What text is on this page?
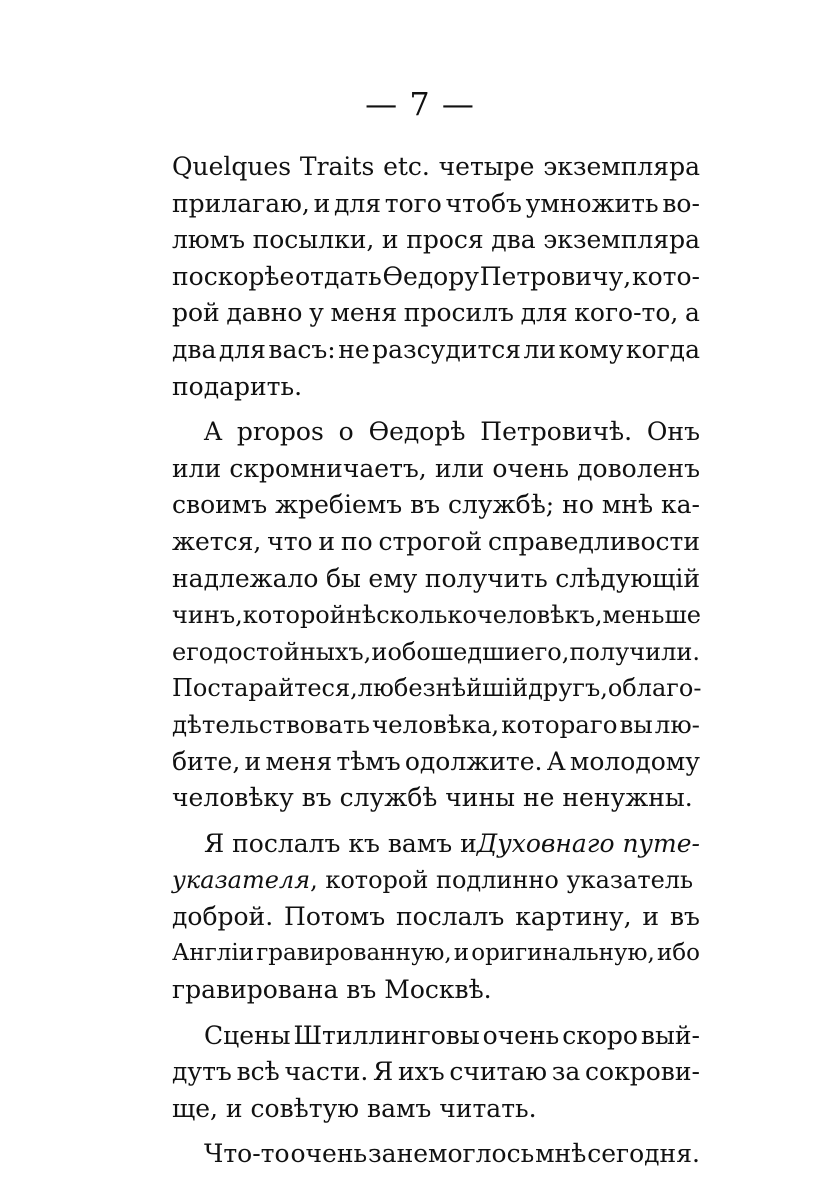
— 7 —
Quelques Traits etc. четыре экземпляра
прилагаю, и для того чтобъ умножить во-
люмъ посылки, и прося два экземпляра
поскорѣе отдать Ѳедору Петровичу, кото-
рой давно у меня просилъ для кого-то, а
два для васъ: не разсудится ли кому когда
подарить.
A propos о Ѳедорѣ Петровичѣ. Онъ
или скромничаетъ, или очень доволенъ
своимъ жребіемъ въ службѣ; но мнѣ ка-
жется, что и по строгой справедливости
надлежало бы ему получить слѣдующій
чинъ, которой нѣсколько человѣкъ, меньше
его достойныхъ, и обошедши его, получили.
Постарайтеся, любезнѣйшій другъ, облаго-
дѣтельствовать человѣка, котораго вы лю-
бите, и меня тѣмъ одолжите. А молодому
человѣку въ службѣ чины не ненужны.
Я послалъ къ вамъ и Духовнаго путе-
указателя , которой подлинно указатель
доброй. Потомъ послалъ картину, и въ
Англіи гравированную, и оригинальную, ибо
гравирована въ Москвѣ.
Сцены Штиллинговы очень скоро вый-
дутъ всѣ части. Я ихъ считаю за сокрови-
ще, и совѣтую вамъ читать.
Что-то очень занемоглось мнѣ сегодня.
